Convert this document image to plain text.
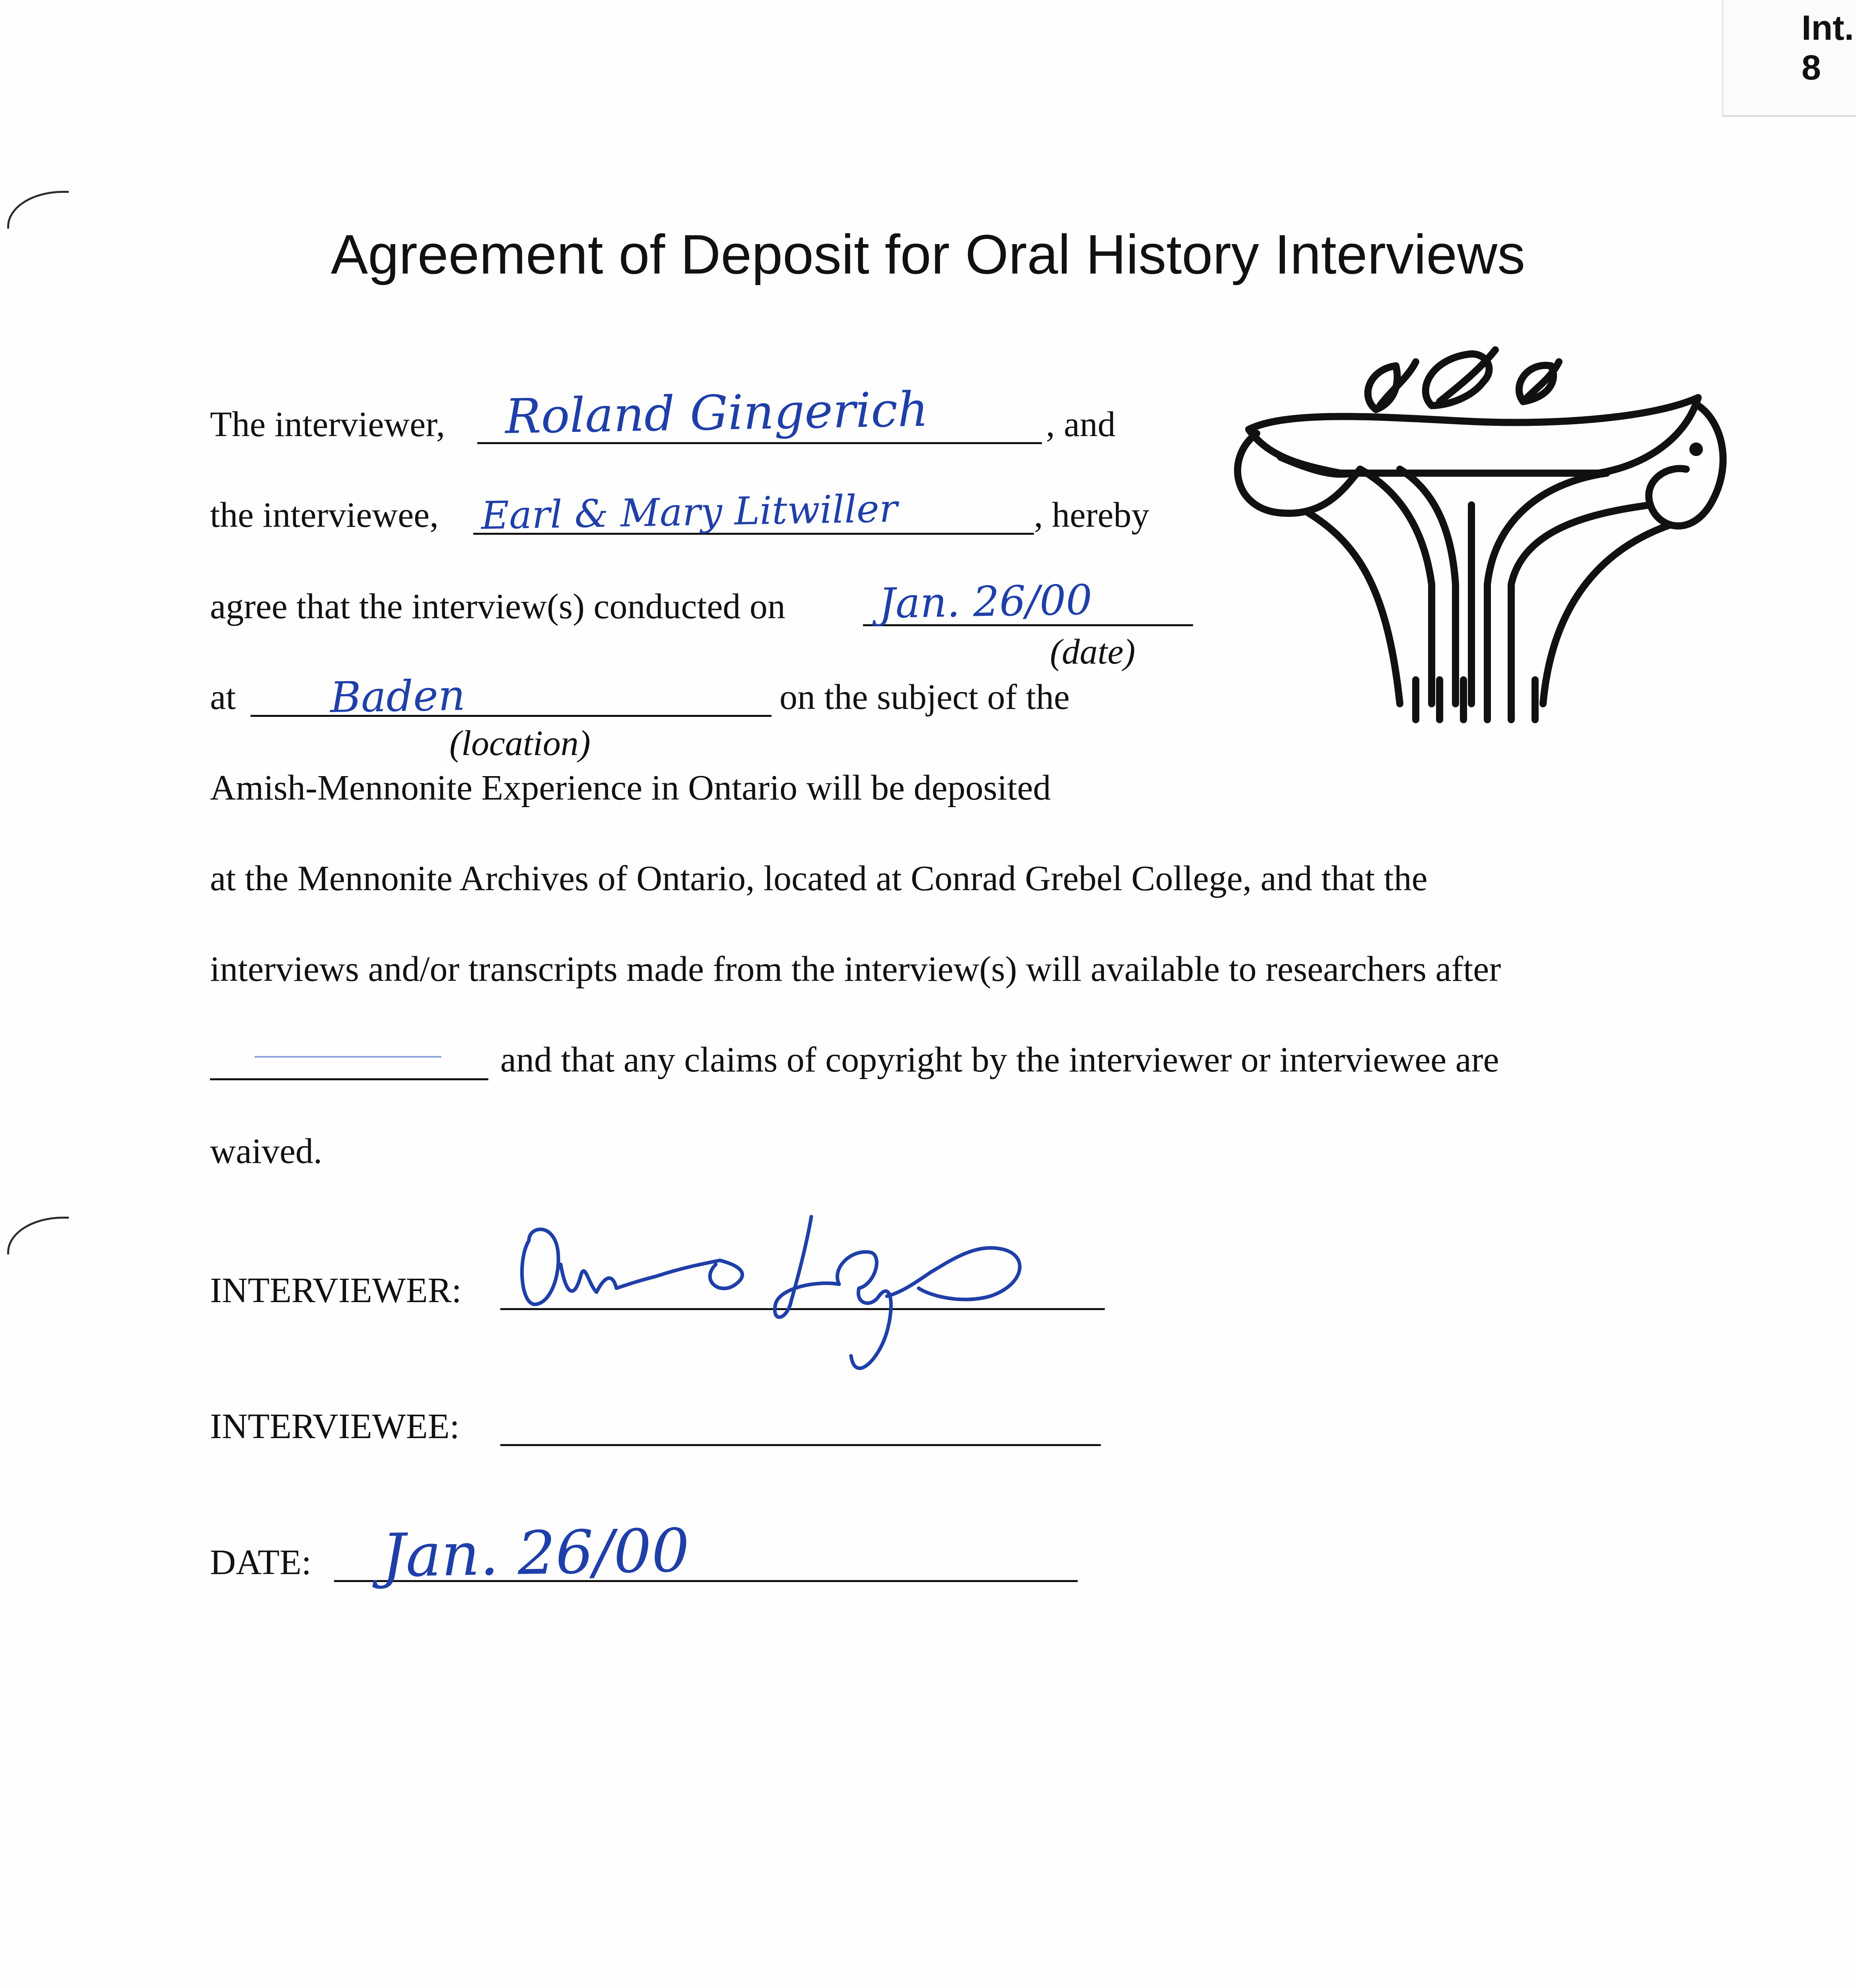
Int.
8
Agreement of Deposit for Oral History Interviews
The interviewer, Roland Gingerich	, and
the interviewee, Earl & Mary Litwiller	, hereby
agree that the interview(s) conducted on Jan. 26/00
(date)
at Baden	on the subject of the
(location)
Amish-Mennonite Experience in Ontario will be deposited
at the Mennonite Archives of Ontario, located at Conrad Grebel College, and that the
interviews and/or transcripts made from the interview(s) will available to researchers after
and that any claims of copyright by the interviewer or interviewee are
waived.
INTERVIEWER:
INTERVIEWEE:
DATE: Jan. 26/00
